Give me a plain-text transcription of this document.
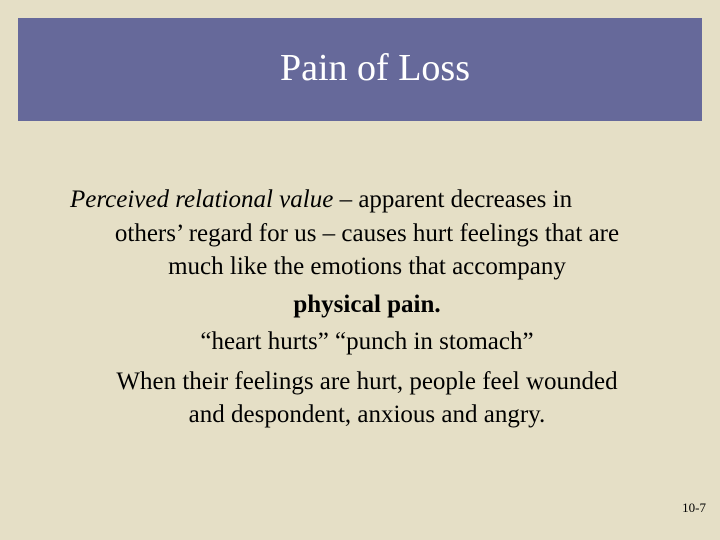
Pain of Loss
Perceived relational value – apparent decreases in
others’ regard for us – causes hurt feelings that are
much like the emotions that accompany
physical pain.
“heart hurts” “punch in stomach”
When their feelings are hurt, people feel wounded
and despondent, anxious and angry.
10-7
